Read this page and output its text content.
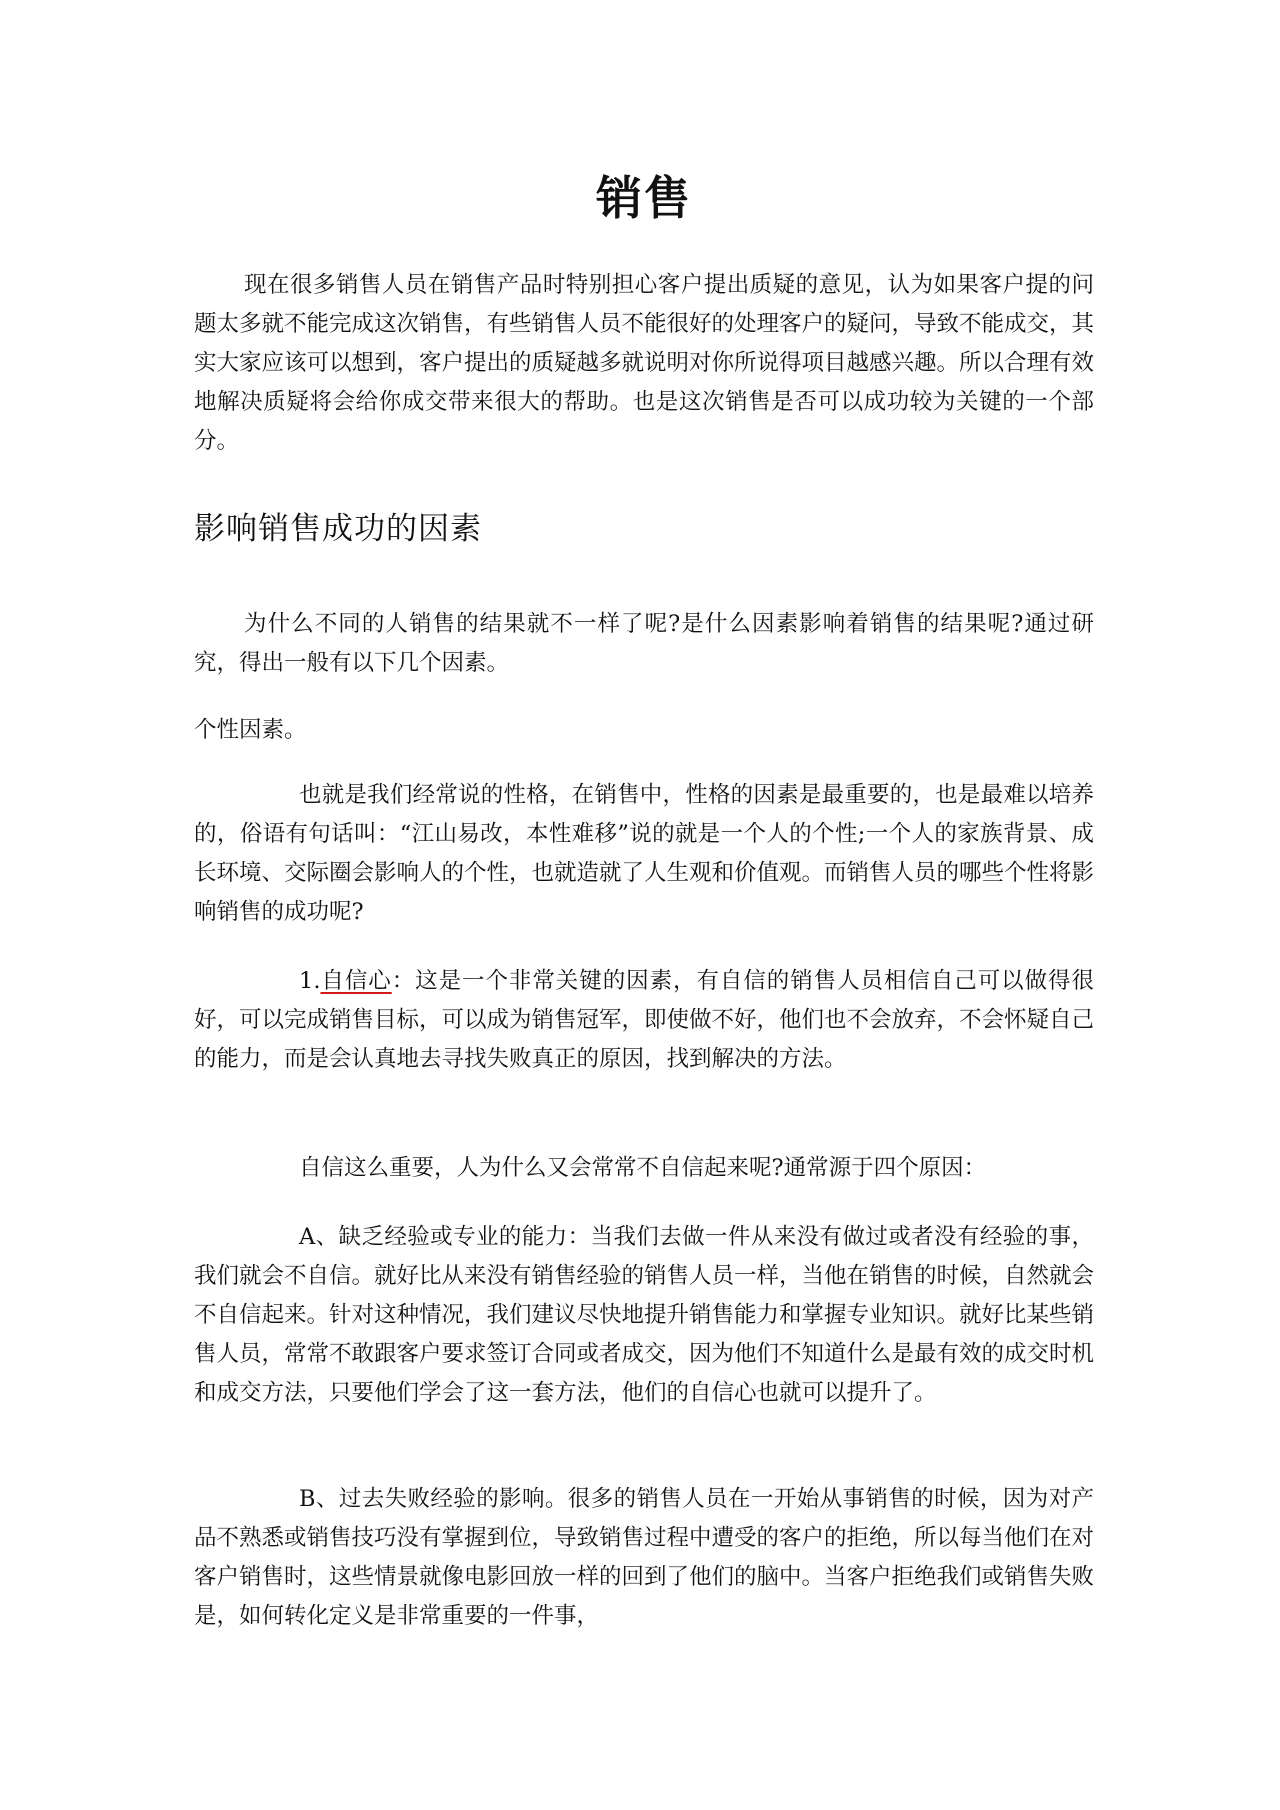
销售

现在很多销售人员在销售产品时特别担心客户提出质疑的意见，认为如果客户提的问题太多就不能完成这次销售，有些销售人员不能很好的处理客户的疑问，导致不能成交，其实大家应该可以想到，客户提出的质疑越多就说明对你所说得项目越感兴趣。所以合理有效地解决质疑将会给你成交带来很大的帮助。也是这次销售是否可以成功较为关键的一个部分。

影响销售成功的因素

为什么不同的人销售的结果就不一样了呢?是什么因素影响着销售的结果呢?通过研究，得出一般有以下几个因素。

个性因素。

也就是我们经常说的性格，在销售中，性格的因素是最重要的，也是最难以培养的，俗语有句话叫：“江山易改，本性难移”说的就是一个人的个性;一个人的家族背景、成长环境、交际圈会影响人的个性，也就造就了人生观和价值观。而销售人员的哪些个性将影响销售的成功呢?

1.自信心：这是一个非常关键的因素，有自信的销售人员相信自己可以做得很好，可以完成销售目标，可以成为销售冠军，即使做不好，他们也不会放弃，不会怀疑自己的能力，而是会认真地去寻找失败真正的原因，找到解决的方法。

自信这么重要，人为什么又会常常不自信起来呢?通常源于四个原因：

A、缺乏经验或专业的能力：当我们去做一件从来没有做过或者没有经验的事，我们就会不自信。就好比从来没有销售经验的销售人员一样，当他在销售的时候，自然就会不自信起来。针对这种情况，我们建议尽快地提升销售能力和掌握专业知识。就好比某些销售人员，常常不敢跟客户要求签订合同或者成交，因为他们不知道什么是最有效的成交时机和成交方法，只要他们学会了这一套方法，他们的自信心也就可以提升了。

B、过去失败经验的影响。很多的销售人员在一开始从事销售的时候，因为对产品不熟悉或销售技巧没有掌握到位，导致销售过程中遭受的客户的拒绝，所以每当他们在对客户销售时，这些情景就像电影回放一样的回到了他们的脑中。当客户拒绝我们或销售失败是，如何转化定义是非常重要的一件事，
